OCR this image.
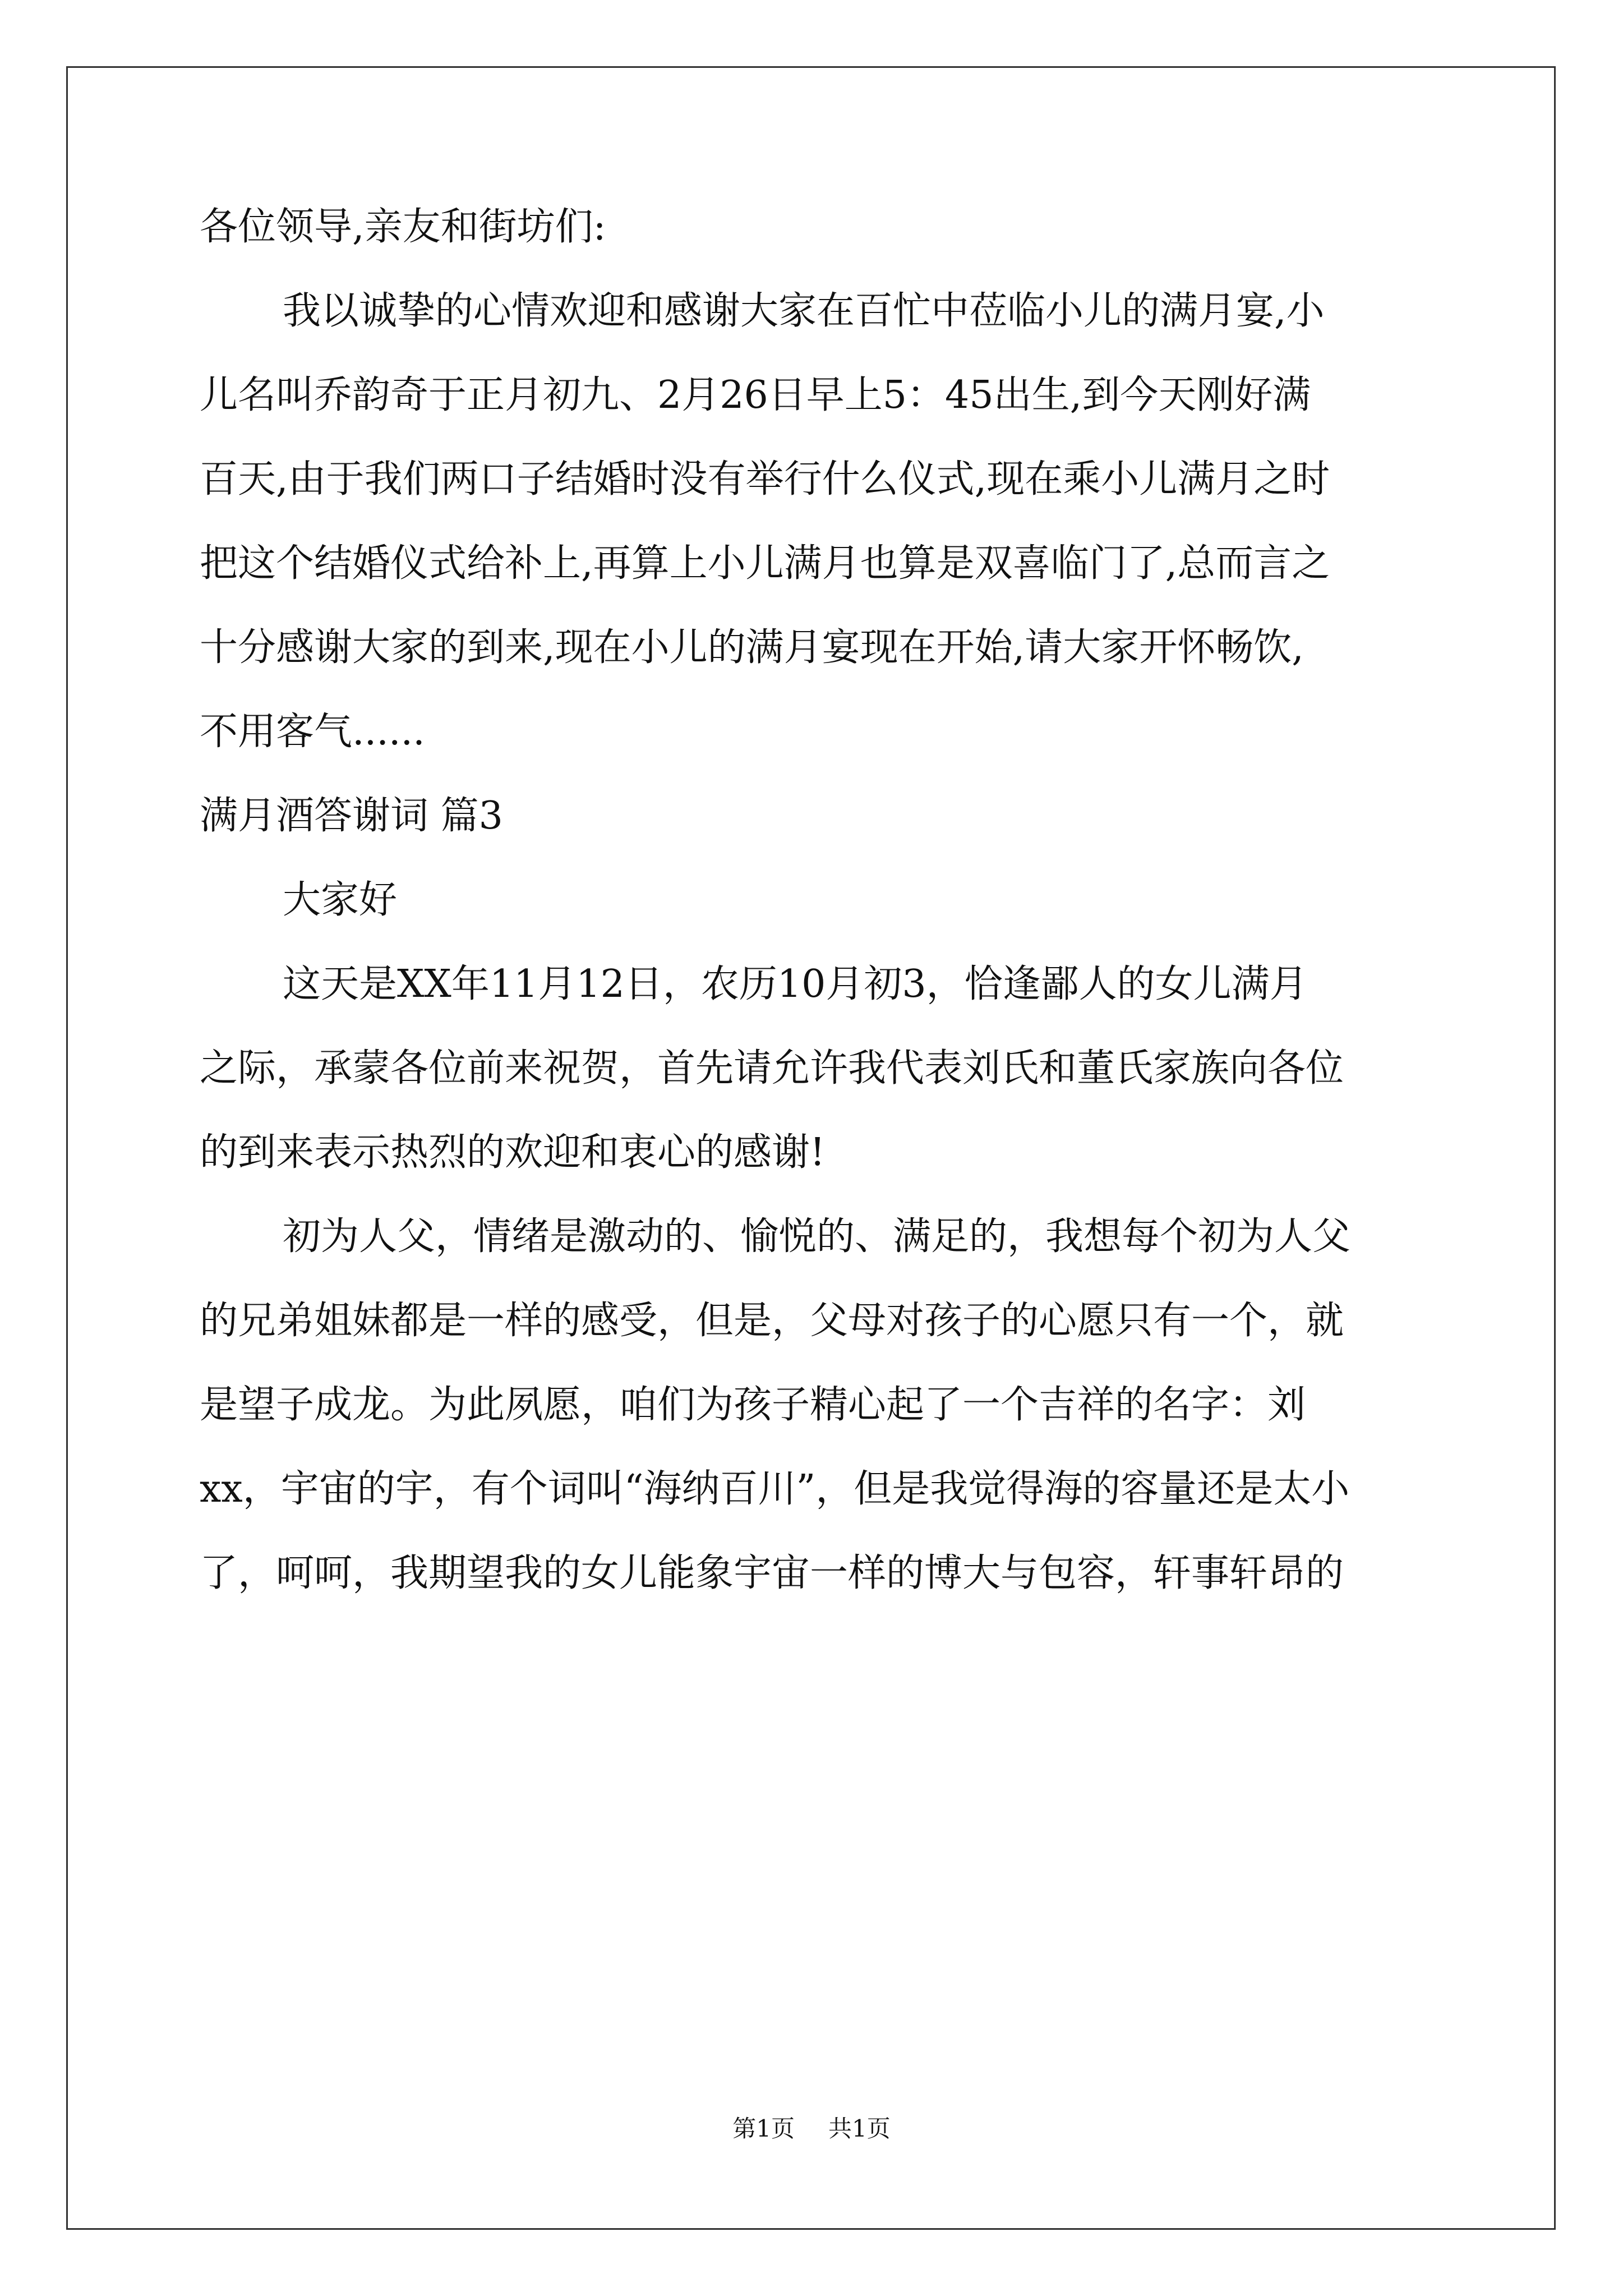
各位领导,亲友和街坊们:
我以诚挚的心情欢迎和感谢大家在百忙中莅临小儿的满月宴,小
儿名叫乔韵奇于正月初九、2月26日早上5：45出生,到今天刚好满
百天,由于我们两口子结婚时没有举行什么仪式,现在乘小儿满月之时
把这个结婚仪式给补上,再算上小儿满月也算是双喜临门了,总而言之
十分感谢大家的到来,现在小儿的满月宴现在开始,请大家开怀畅饮,
不用客气......
满月酒答谢词 篇3
大家好
这天是XX年11月12日，农历10月初3，恰逢鄙人的女儿满月
之际，承蒙各位前来祝贺，首先请允许我代表刘氏和董氏家族向各位
的到来表示热烈的欢迎和衷心的感谢!
初为人父，情绪是激动的、愉悦的、满足的，我想每个初为人父
的兄弟姐妹都是一样的感受，但是，父母对孩子的心愿只有一个，就
是望子成龙。为此夙愿，咱们为孩子精心起了一个吉祥的名字：刘
xx，宇宙的宇，有个词叫“海纳百川”，但是我觉得海的容量还是太小
了，呵呵，我期望我的女儿能象宇宙一样的博大与包容，轩事轩昂的
第1页 共1页
